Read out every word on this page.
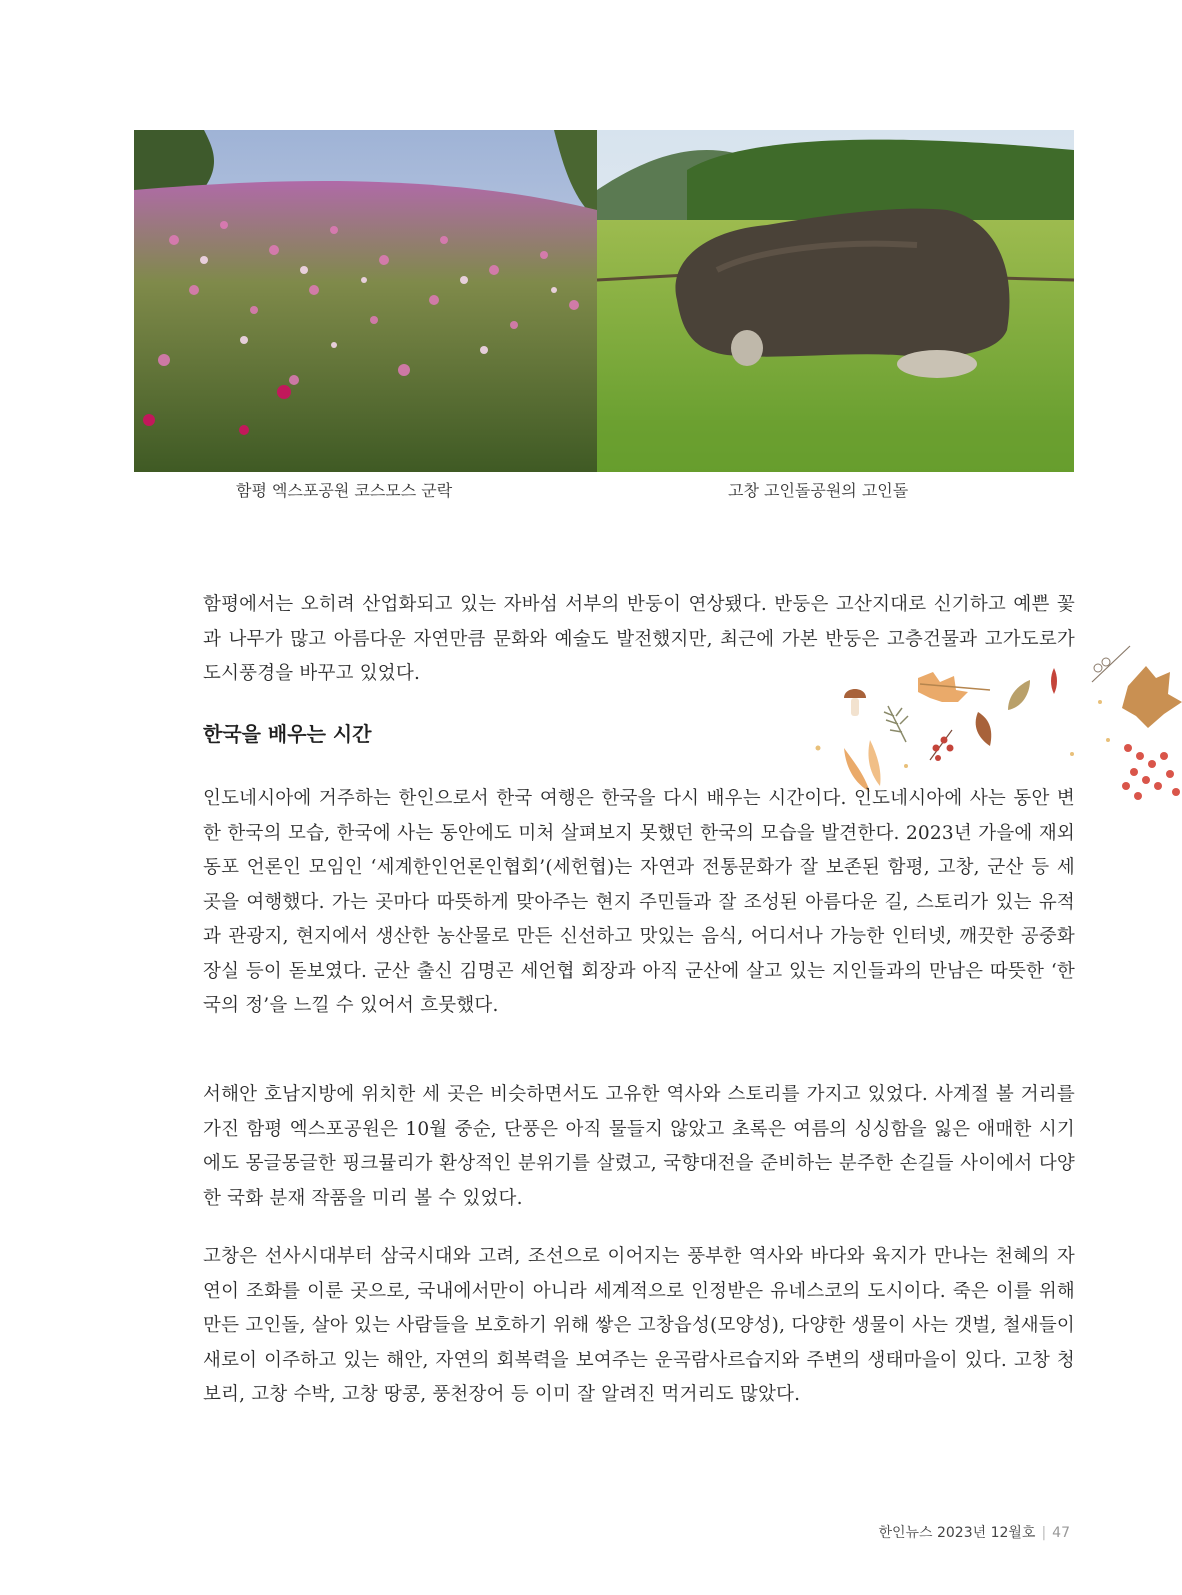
함평 엑스포공원 코스모스 군락	고창 고인돌공원의 고인돌

함평에서는 오히려 산업화되고 있는 자바섬 서부의 반둥이 연상됐다. 반둥은 고산지대로 신기하고 예쁜 꽃과 나무가 많고 아름다운 자연만큼 문화와 예술도 발전했지만, 최근에 가본 반둥은 고층건물과 고가도로가 도시풍경을 바꾸고 있었다.

한국을 배우는 시간

인도네시아에 거주하는 한인으로서 한국 여행은 한국을 다시 배우는 시간이다. 인도네시아에 사는 동안 변한 한국의 모습, 한국에 사는 동안에도 미처 살펴보지 못했던 한국의 모습을 발견한다. 2023년 가을에 재외동포 언론인 모임인 ‘세계한인언론인협회’(세헌협)는 자연과 전통문화가 잘 보존된 함평, 고창, 군산 등 세 곳을 여행했다. 가는 곳마다 따뜻하게 맞아주는 현지 주민들과 잘 조성된 아름다운 길, 스토리가 있는 유적과 관광지, 현지에서 생산한 농산물로 만든 신선하고 맛있는 음식, 어디서나 가능한 인터넷, 깨끗한 공중화장실 등이 돋보였다. 군산 출신 김명곤 세언협 회장과 아직 군산에 살고 있는 지인들과의 만남은 따뜻한 ‘한국의 정’을 느낄 수 있어서 흐뭇했다.

서해안 호남지방에 위치한 세 곳은 비슷하면서도 고유한 역사와 스토리를 가지고 있었다. 사계절 볼 거리를 가진 함평 엑스포공원은 10월 중순, 단풍은 아직 물들지 않았고 초록은 여름의 싱싱함을 잃은 애매한 시기에도 몽글몽글한 핑크뮬리가 환상적인 분위기를 살렸고, 국향대전을 준비하는 분주한 손길들 사이에서 다양한 국화 분재 작품을 미리 볼 수 있었다.

고창은 선사시대부터 삼국시대와 고려, 조선으로 이어지는 풍부한 역사와 바다와 육지가 만나는 천혜의 자연이 조화를 이룬 곳으로, 국내에서만이 아니라 세계적으로 인정받은 유네스코의 도시이다. 죽은 이를 위해 만든 고인돌, 살아 있는 사람들을 보호하기 위해 쌓은 고창읍성(모양성), 다양한 생물이 사는 갯벌, 철새들이 새로이 이주하고 있는 해안, 자연의 회복력을 보여주는 운곡람사르습지와 주변의 생태마을이 있다. 고창 청보리, 고창 수박, 고창 땅콩, 풍천장어 등 이미 잘 알려진 먹거리도 많았다.

한인뉴스 2023년 12월호 | 47
